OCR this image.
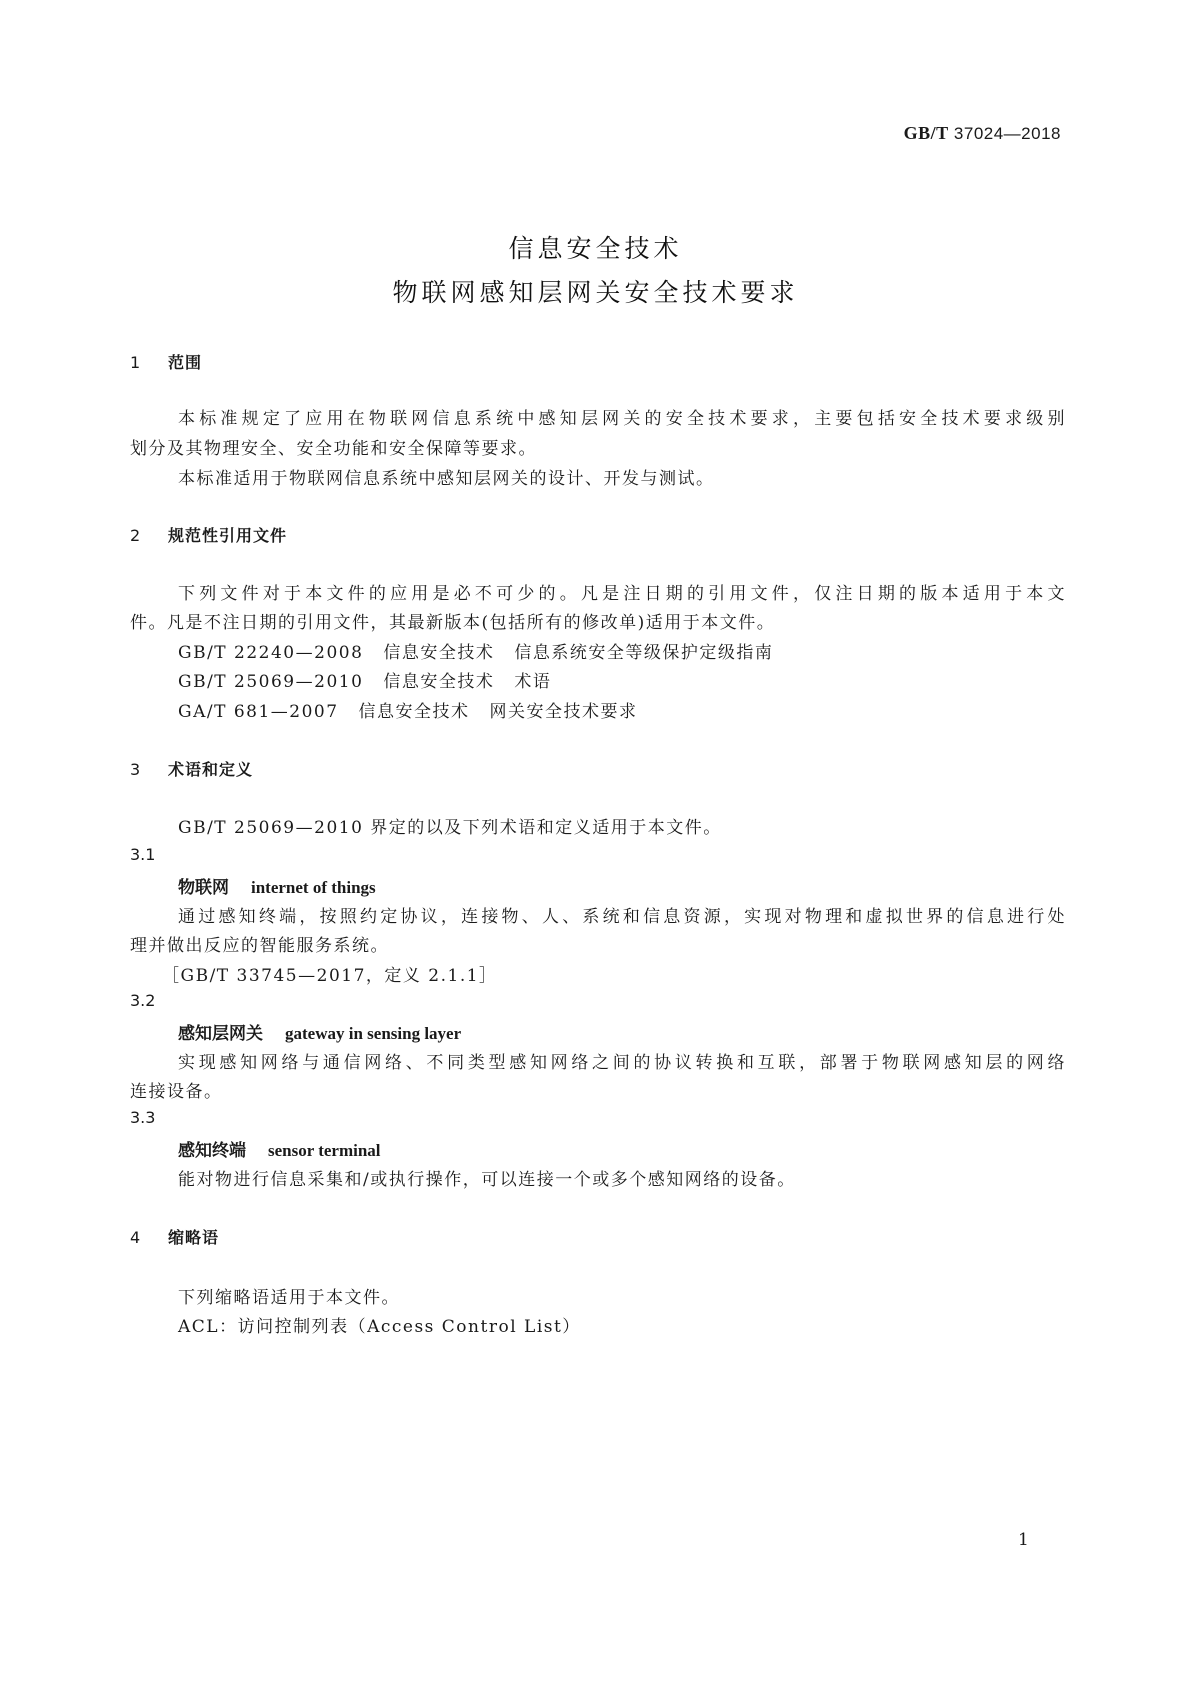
GB/T 37024—2018
信息安全技术
物联网感知层网关安全技术要求
1 范围
本标准规定了应用在物联网信息系统中感知层网关的安全技术要求，主要包括安全技术要求级别
划分及其物理安全、安全功能和安全保障等要求。
本标准适用于物联网信息系统中感知层网关的设计、开发与测试。
2 规范性引用文件
下列文件对于本文件的应用是必不可少的。凡是注日期的引用文件，仅注日期的版本适用于本文
件。凡是不注日期的引用文件，其最新版本(包括所有的修改单)适用于本文件。
GB/T 22240—2008 信息安全技术 信息系统安全等级保护定级指南
GB/T 25069—2010 信息安全技术 术语
GA/T 681—2007 信息安全技术 网关安全技术要求
3 术语和定义
GB/T 25069—2010 界定的以及下列术语和定义适用于本文件。
3.1
物联网 internet of things
通过感知终端，按照约定协议，连接物、人、系统和信息资源，实现对物理和虚拟世界的信息进行处
理并做出反应的智能服务系统。
［GB/T 33745—2017，定义 2.1.1］
3.2
感知层网关 gateway in sensing layer
实现感知网络与通信网络、不同类型感知网络之间的协议转换和互联，部署于物联网感知层的网络
连接设备。
3.3
感知终端 sensor terminal
能对物进行信息采集和/或执行操作，可以连接一个或多个感知网络的设备。
4 缩略语
下列缩略语适用于本文件。
ACL：访问控制列表（Access Control List）
1
